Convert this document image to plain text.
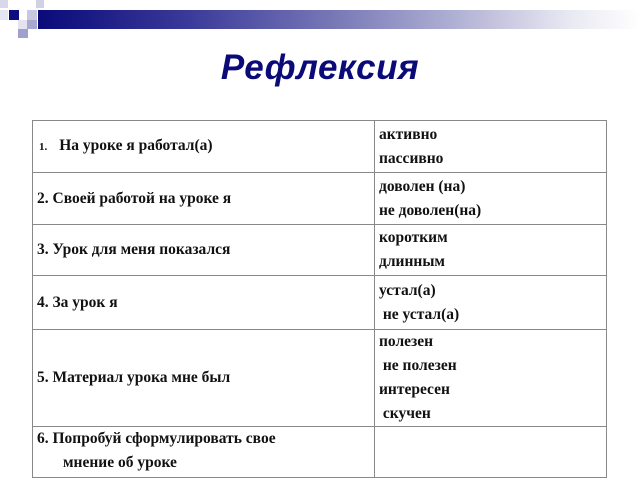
Рефлексия
1. На уроке я работал(а)	активно
пассивно

2. Своей работой на уроке я	доволен (на)
не доволен(на)

3. Урок для меня показался	коротким
длинным

4. За урок я	устал(а)
не устал(а)

5. Материал урока мне был	полезен
не полезен
интересен
скучен

6. Попробуй сформулировать свое
мнение об уроке	
